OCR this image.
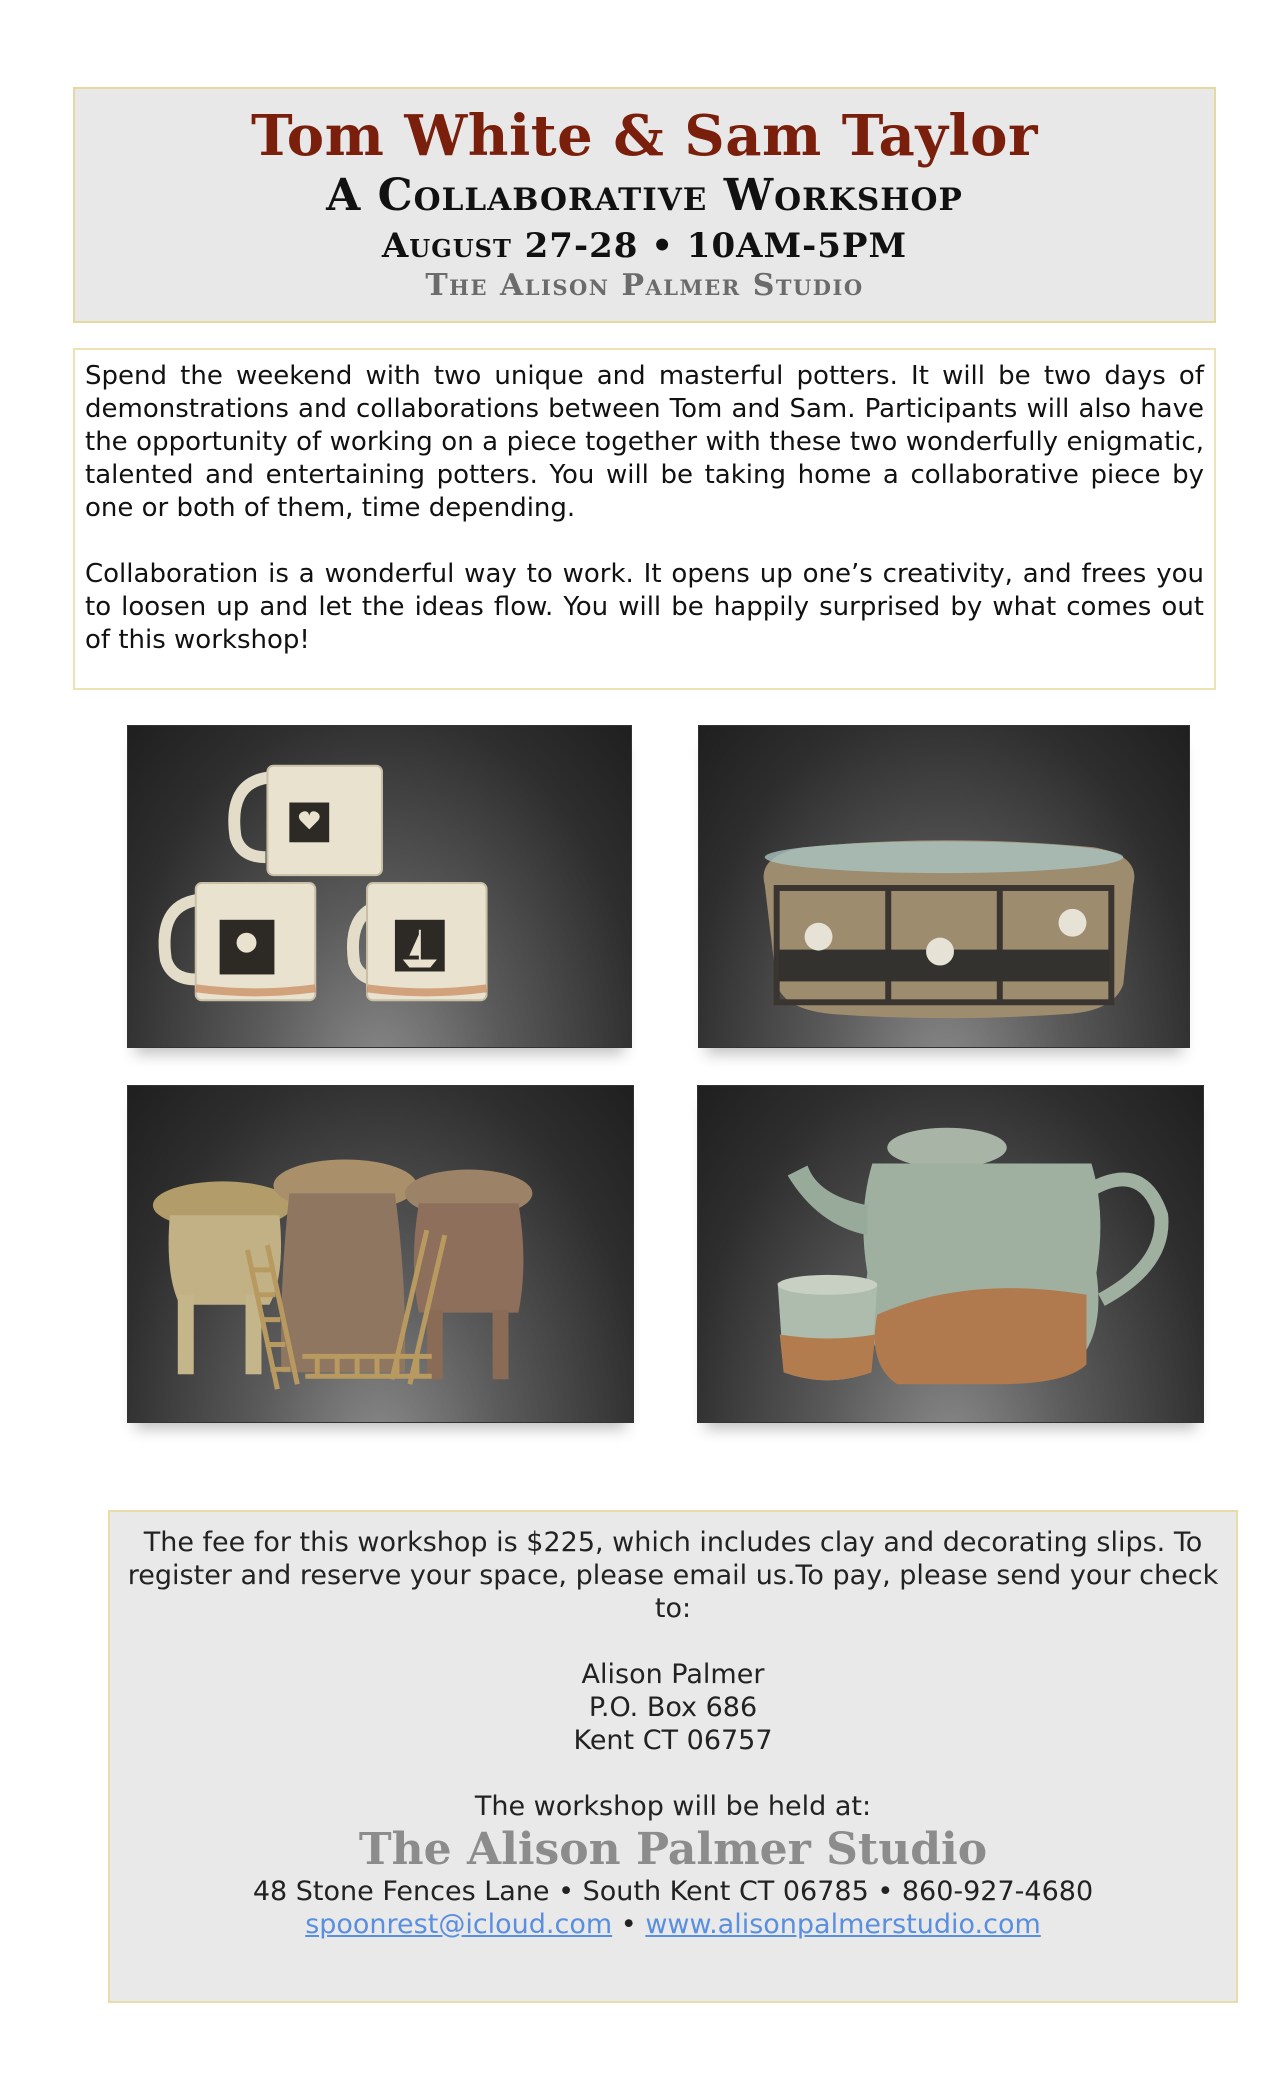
Tom White & Sam Taylor
A Collaborative Workshop
August 27-28 • 10AM-5PM
The Alison Palmer Studio

Spend the weekend with two unique and masterful potters. It will be two days of demonstrations and collaborations between Tom and Sam. Participants will also have the opportunity of working on a piece together with these two wonderfully enigmatic, talented and entertaining potters. You will be taking home a collaborative piece by one or both of them, time depending.

Collaboration is a wonderful way to work. It opens up one’s creativity, and frees you to loosen up and let the ideas flow. You will be happily surprised by what comes out of this workshop!

The fee for this workshop is $225, which includes clay and decorating slips. To register and reserve your space, please email us.To pay, please send your check to:

Alison Palmer

P.O. Box 686

Kent CT 06757

The workshop will be held at:

The Alison Palmer Studio

48 Stone Fences Lane • South Kent CT 06785 • 860-927-4680

spoonrest@icloud.com • www.alisonpalmerstudio.com
